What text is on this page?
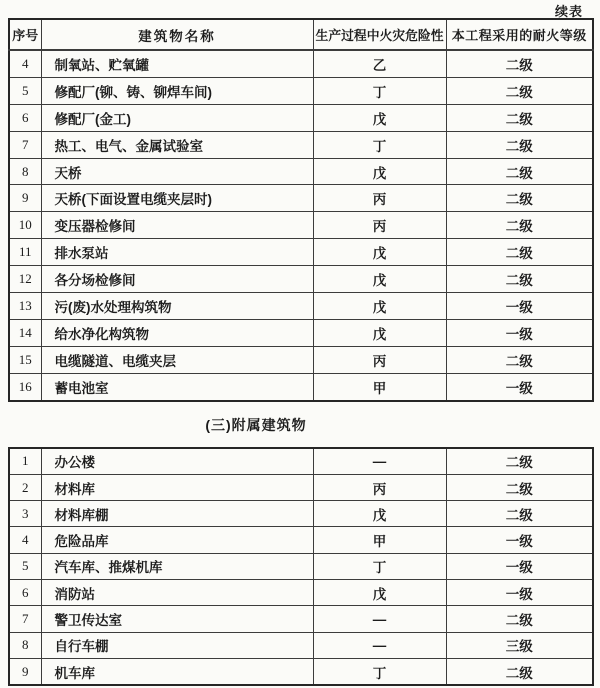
续表
序号	建筑物名称	生产过程中火灾危险性	本工程采用的耐火等级
4	制氧站、贮氧罐	乙	二级
5	修配厂(铆、铸、铆焊车间)	丁	二级
6	修配厂(金工)	戊	二级
7	热工、电气、金属试验室	丁	二级
8	天桥	戊	二级
9	天桥(下面设置电缆夹层时)	丙	二级
10	变压器检修间	丙	二级
11	排水泵站	戊	二级
12	各分场检修间	戊	二级
13	污(废)水处理构筑物	戊	一级
14	给水净化构筑物	戊	一级
15	电缆隧道、电缆夹层	丙	二级
16	蓄电池室	甲	一级
(三)附属建筑物
1	办公楼	—	二级
2	材料库	丙	二级
3	材料库棚	戊	二级
4	危险品库	甲	一级
5	汽车库、推煤机库	丁	一级
6	消防站	戊	一级
7	警卫传达室	—	二级
8	自行车棚	—	三级
9	机车库	丁	二级
